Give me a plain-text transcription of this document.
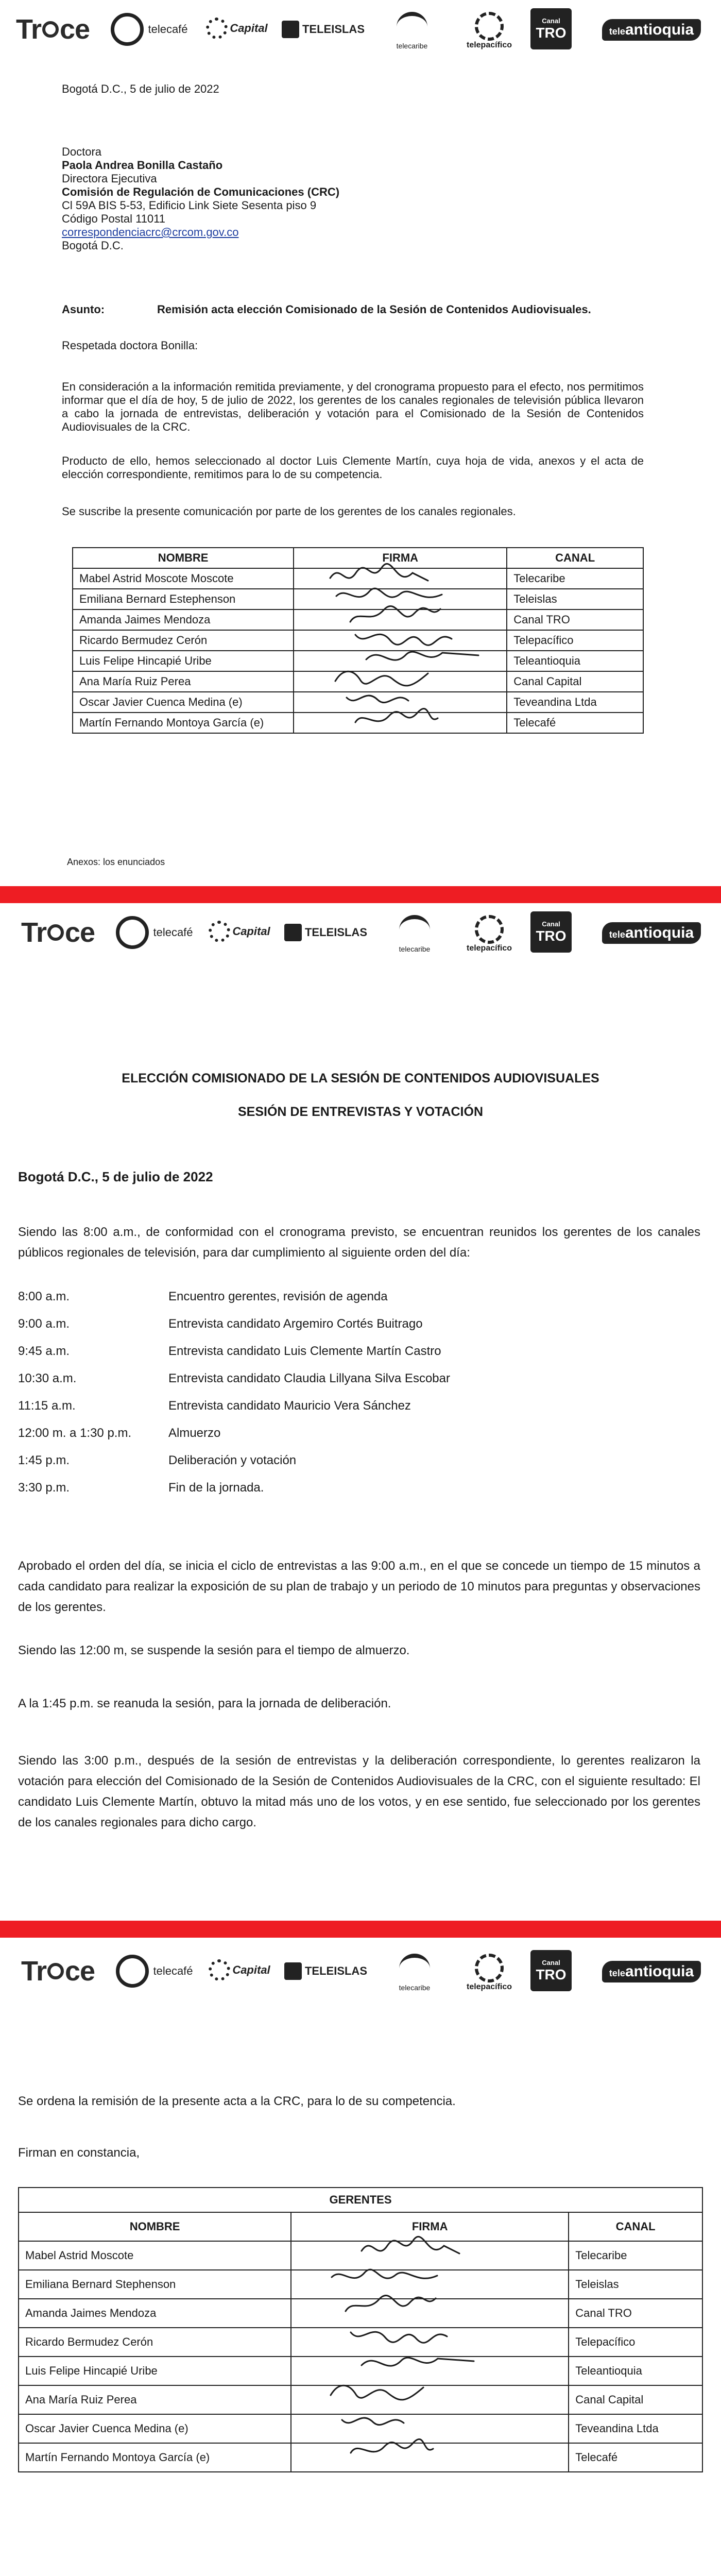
Tr ce	telecafé	Capital	TELEISLAS
telecaribe	telepacífico
Canal
TRO	teleantioquia
Bogotá D.C., 5 de julio de 2022
Doctora
Paola Andrea Bonilla Castaño
Directora Ejecutiva
Comisión de Regulación de Comunicaciones (CRC)
Cl 59A BIS 5-53, Edificio Link Siete Sesenta piso 9
Código Postal 11011
correspondenciacrc@crcom.gov.co
Bogotá D.C.
Asunto:	Remisión acta elección Comisionado de la Sesión de Contenidos Audiovisuales.
Respetada doctora Bonilla:
En consideración a la información remitida previamente, y del cronograma propuesto para el efecto, nos permitimos informar que el día de hoy, 5 de julio de 2022, los gerentes de los canales regionales de televisión pública llevaron a cabo la jornada de entrevistas, deliberación y votación para el Comisionado de la Sesión de Contenidos Audiovisuales de la CRC.
Producto de ello, hemos seleccionado al doctor Luis Clemente Martín, cuya hoja de vida, anexos y el acta de elección correspondiente, remitimos para lo de su competencia.
Se suscribe la presente comunicación por parte de los gerentes de los canales regionales.
NOMBRE	FIRMA	CANAL
Mabel Astrid Moscote Moscote		Telecaribe
Emiliana Bernard Estephenson		Teleislas
Amanda Jaimes Mendoza		Canal TRO
Ricardo Bermudez Cerón		Telepacífico
Luis Felipe Hincapié Uribe		Teleantioquia
Ana María Ruiz Perea		Canal Capital
Oscar Javier Cuenca Medina (e)		Teveandina Ltda
Martín Fernando Montoya García (e)		Telecafé
Anexos: los enunciados
Tr ce	telecafé	Capital	TELEISLAS
telecaribe	telepacífico
Canal
TRO	teleantioquia
ELECCIÓN COMISIONADO DE LA SESIÓN DE CONTENIDOS AUDIOVISUALES
SESIÓN DE ENTREVISTAS Y VOTACIÓN
Bogotá D.C., 5 de julio de 2022
Siendo las 8:00 a.m., de conformidad con el cronograma previsto, se encuentran reunidos los gerentes de los canales públicos regionales de televisión, para dar cumplimiento al siguiente orden del día:
8:00 a.m.	Encuentro gerentes, revisión de agenda
9:00 a.m.	Entrevista candidato Argemiro Cortés Buitrago
9:45 a.m.	Entrevista candidato Luis Clemente Martín Castro
10:30 a.m.	Entrevista candidato Claudia Lillyana Silva Escobar
11:15 a.m.	Entrevista candidato Mauricio Vera Sánchez
12:00 m. a 1:30 p.m.	Almuerzo
1:45 p.m.	Deliberación y votación
3:30 p.m.	Fin de la jornada.
Aprobado el orden del día, se inicia el ciclo de entrevistas a las 9:00 a.m., en el que se concede un tiempo de 15 minutos a cada candidato para realizar la exposición de su plan de trabajo y un periodo de 10 minutos para preguntas y observaciones de los gerentes.
Siendo las 12:00 m, se suspende la sesión para el tiempo de almuerzo.
A la 1:45 p.m. se reanuda la sesión, para la jornada de deliberación.
Siendo las 3:00 p.m., después de la sesión de entrevistas y la deliberación correspondiente, lo gerentes realizaron la votación para elección del Comisionado de la Sesión de Contenidos Audiovisuales de la CRC, con el siguiente resultado: El candidato Luis Clemente Martín, obtuvo la mitad más uno de los votos, y en ese sentido, fue seleccionado por los gerentes de los canales regionales para dicho cargo.
Tr ce	telecafé	Capital	TELEISLAS
telecaribe	telepacífico
Canal
TRO	teleantioquia
Se ordena la remisión de la presente acta a la CRC, para lo de su competencia.
Firman en constancia,
GERENTES		
NOMBRE	FIRMA	CANAL
Mabel Astrid Moscote		Telecaribe
Emiliana Bernard Stephenson		Teleislas
Amanda Jaimes Mendoza		Canal TRO
Ricardo Bermudez Cerón		Telepacífico
Luis Felipe Hincapié Uribe		Teleantioquia
Ana María Ruiz Perea		Canal Capital
Oscar Javier Cuenca Medina (e)		Teveandina Ltda
Martín Fernando Montoya García (e)		Telecafé
